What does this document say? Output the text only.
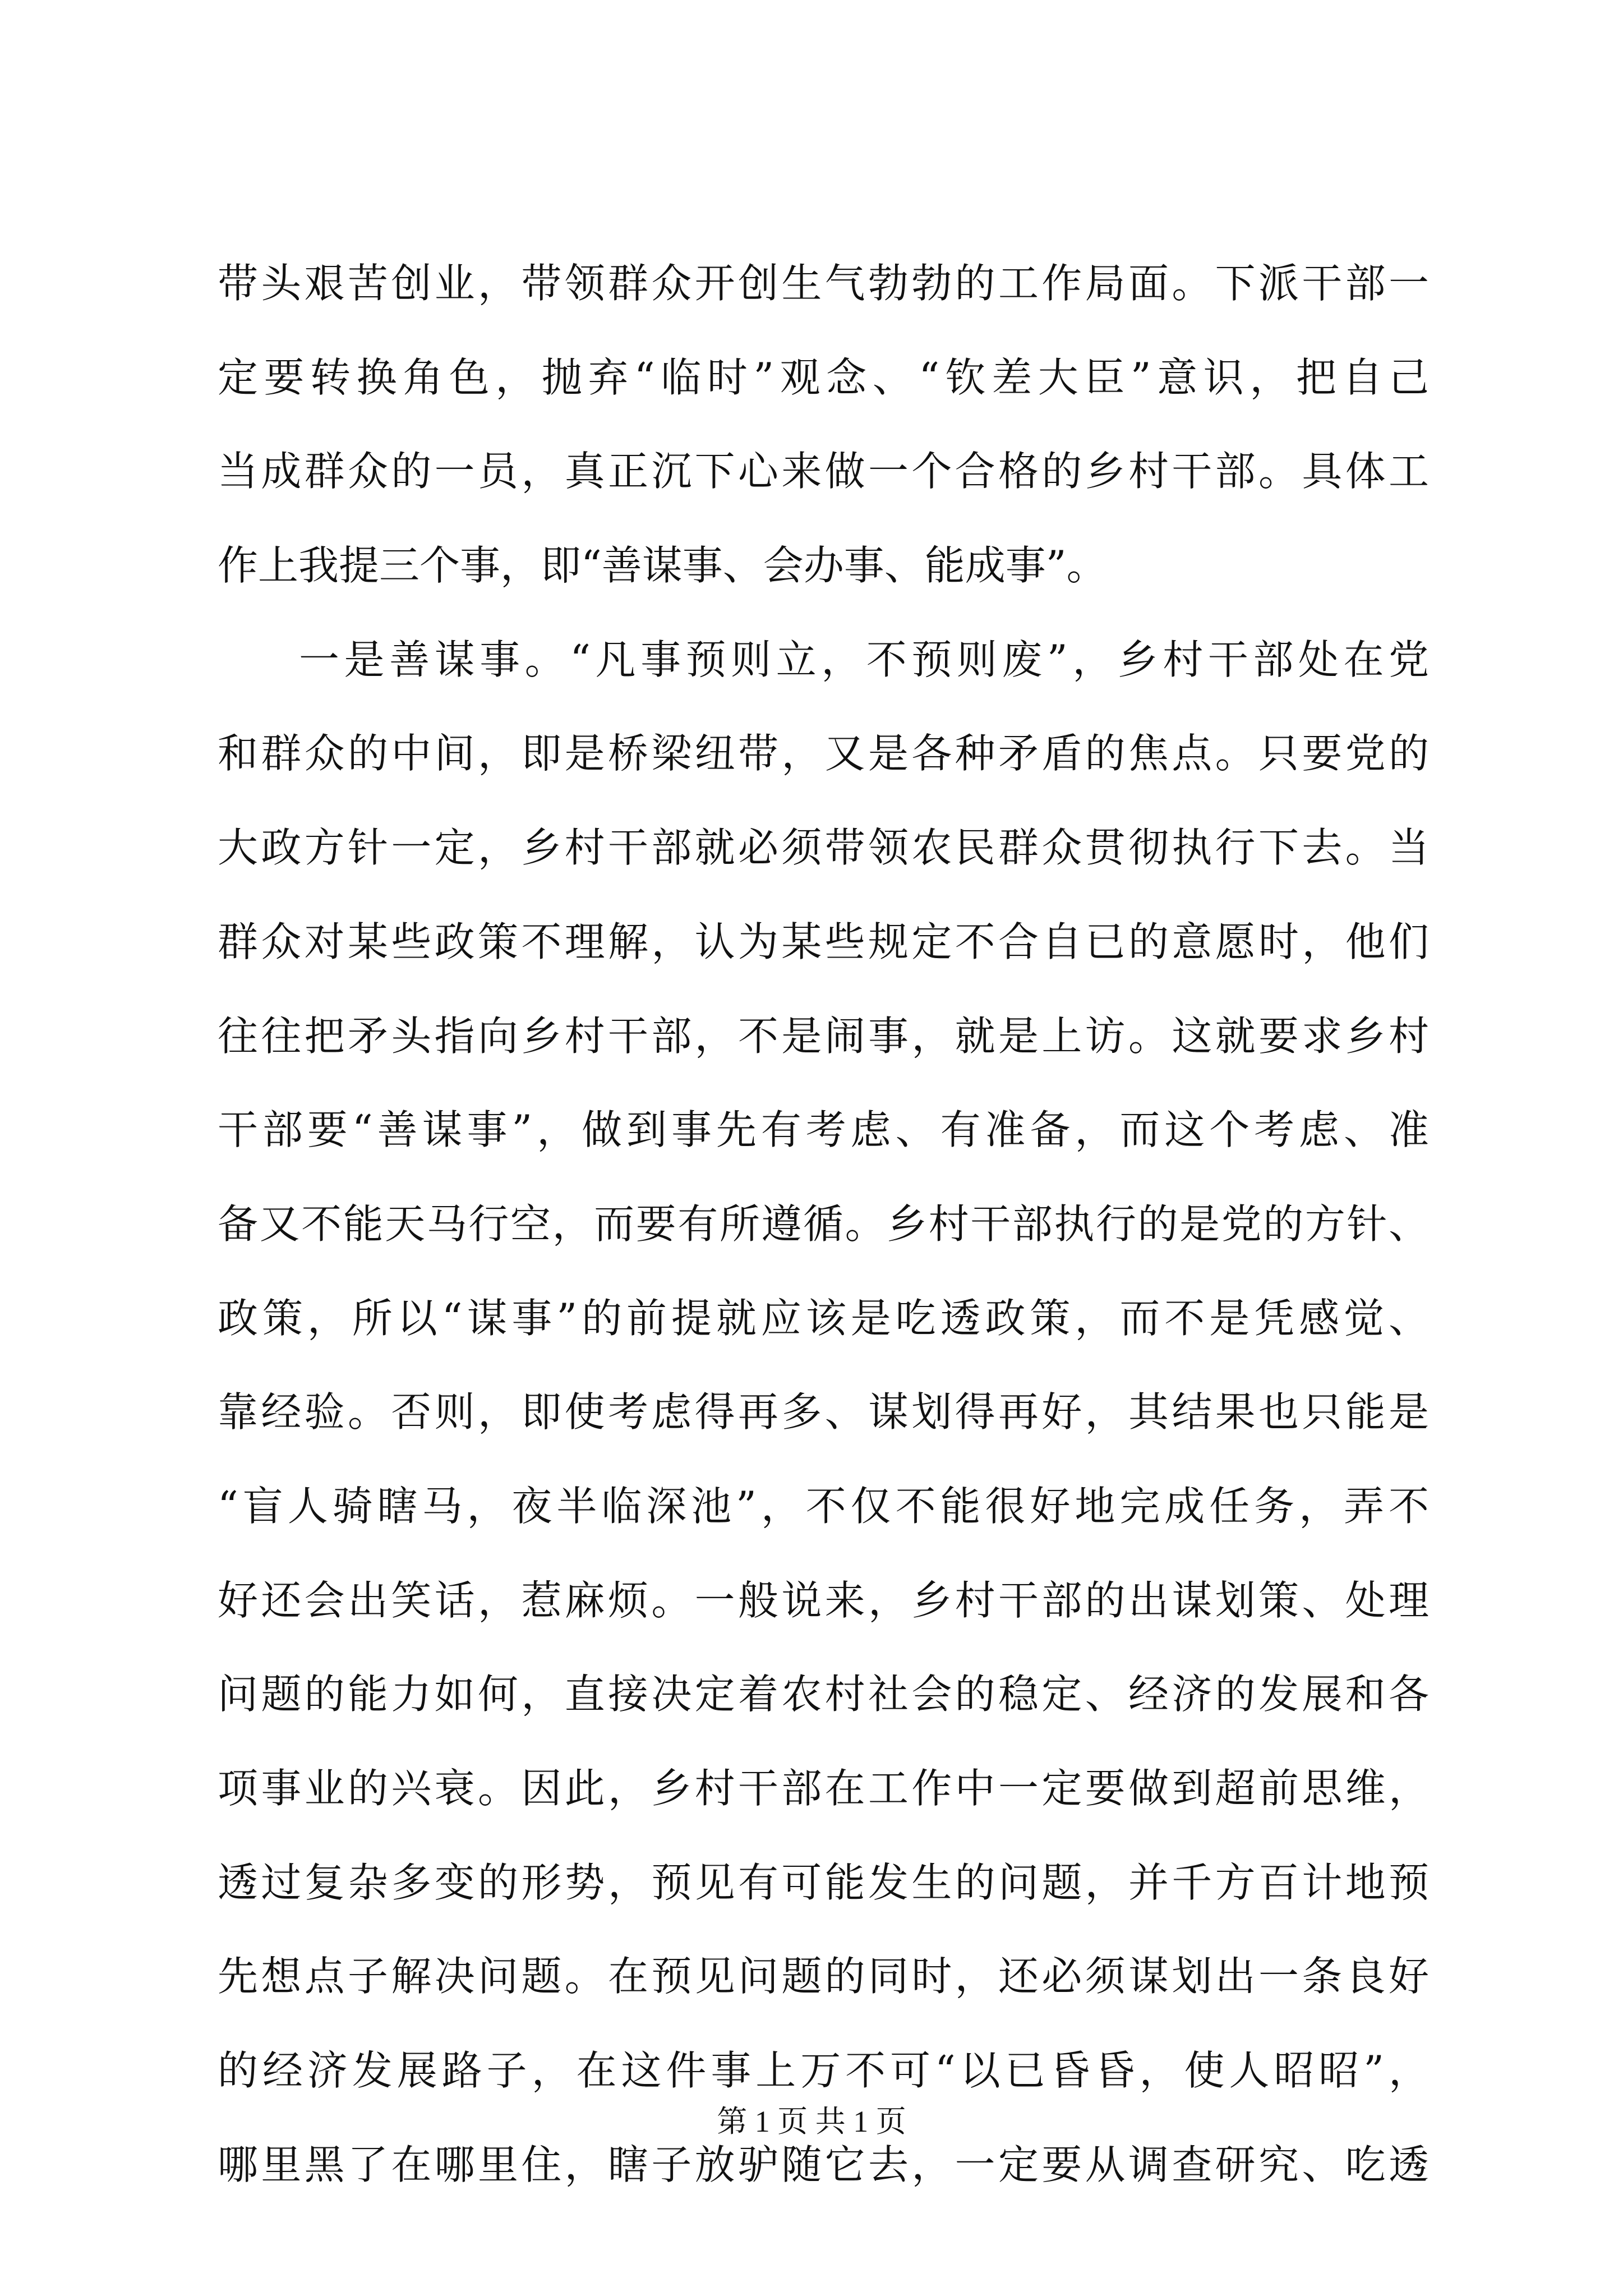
带头艰苦创业，带领群众开创生气勃勃的工作局面。下派干部一
定要转换角色，抛弃“临时”观念、“钦差大臣”意识，把自己
当成群众的一员，真正沉下心来做一个合格的乡村干部。具体工
作上我提三个事，即“善谋事、会办事、能成事”。
一是善谋事。“凡事预则立，不预则废”，乡村干部处在党
和群众的中间，即是桥梁纽带，又是各种矛盾的焦点。只要党的
大政方针一定，乡村干部就必须带领农民群众贯彻执行下去。当
群众对某些政策不理解，认为某些规定不合自已的意愿时，他们
往往把矛头指向乡村干部，不是闹事，就是上访。这就要求乡村
干部要“善谋事”，做到事先有考虑、有准备，而这个考虑、准
备又不能天马行空，而要有所遵循。乡村干部执行的是党的方针、
政策，所以“谋事”的前提就应该是吃透政策，而不是凭感觉、
靠经验。否则，即使考虑得再多、谋划得再好，其结果也只能是
“盲人骑瞎马，夜半临深池”，不仅不能很好地完成任务，弄不
好还会出笑话，惹麻烦。一般说来，乡村干部的出谋划策、处理
问题的能力如何，直接决定着农村社会的稳定、经济的发展和各
项事业的兴衰。因此，乡村干部在工作中一定要做到超前思维，
透过复杂多变的形势，预见有可能发生的问题，并千方百计地预
先想点子解决问题。在预见问题的同时，还必须谋划出一条良好
的经济发展路子，在这件事上万不可“以已昏昏，使人昭昭”，
哪里黑了在哪里住，瞎子放驴随它去，一定要从调查研究、吃透
第 1 页 共 1 页
